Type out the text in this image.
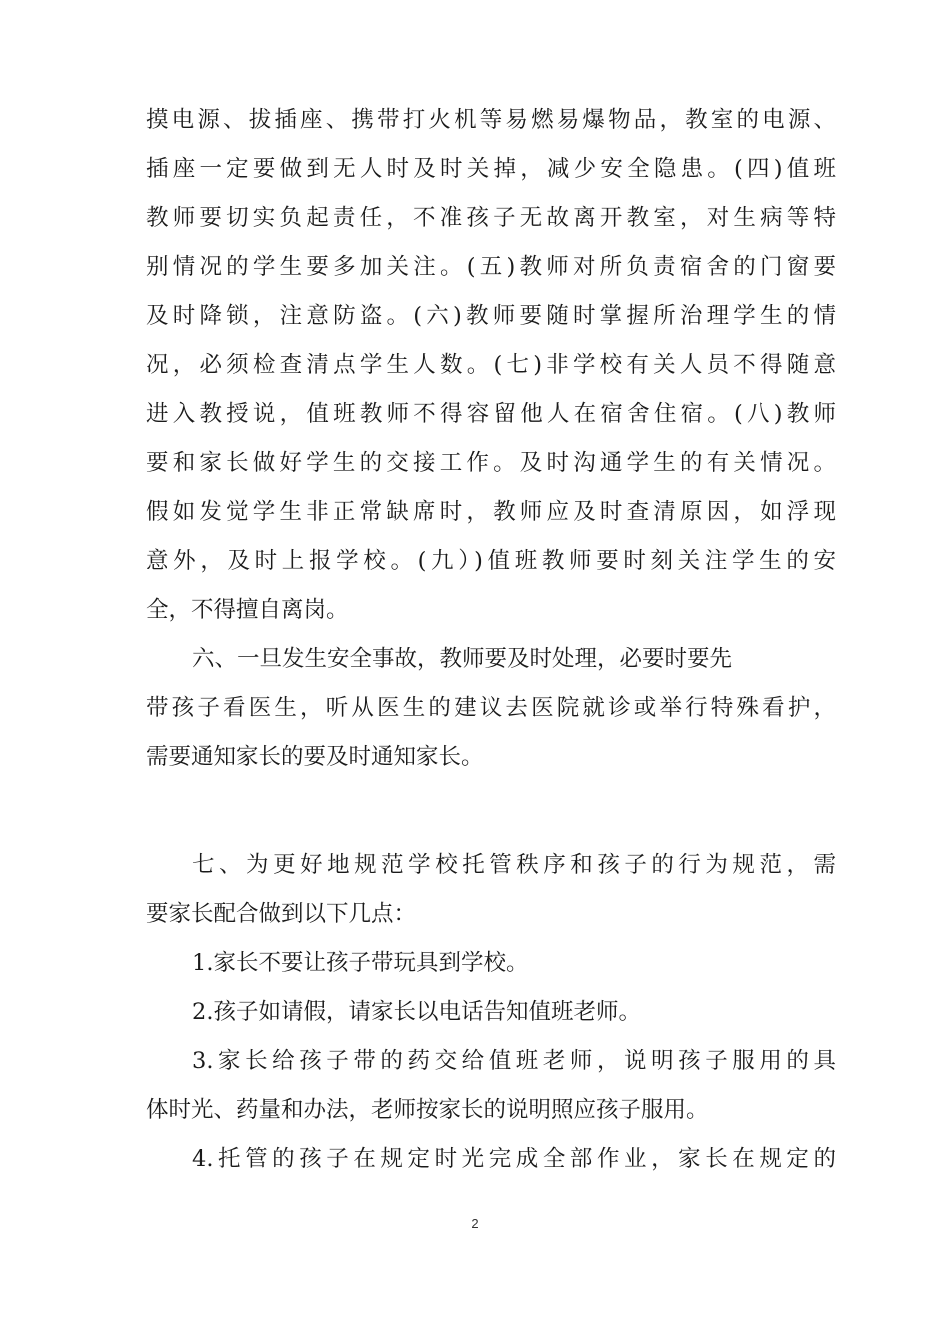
摸电源、拔插座、携带打火机等易燃易爆物品，教室的电源、
插座一定要做到无人时及时关掉，减少安全隐患。(四)值班
教师要切实负起责任，不准孩子无故离开教室，对生病等特
别情况的学生要多加关注。(五)教师对所负责宿舍的门窗要
及时降锁，注意防盗。(六)教师要随时掌握所治理学生的情
况，必须检查清点学生人数。(七)非学校有关人员不得随意
进入教授说，值班教师不得容留他人在宿舍住宿。(八)教师
要和家长做好学生的交接工作。及时沟通学生的有关情况。
假如发觉学生非正常缺席时，教师应及时查清原因，如浮现
意外，及时上报学校。(九）)值班教师要时刻关注学生的安
全，不得擅自离岗。
六、一旦发生安全事故，教师要及时处理，必要时要先
带孩子看医生，听从医生的建议去医院就诊或举行特殊看护，
需要通知家长的要及时通知家长。
七、为更好地规范学校托管秩序和孩子的行为规范，需
要家长配合做到以下几点：
1.家长不要让孩子带玩具到学校。
2.孩子如请假，请家长以电话告知值班老师。
3.家长给孩子带的药交给值班老师，说明孩子服用的具
体时光、药量和办法，老师按家长的说明照应孩子服用。
4.托管的孩子在规定时光完成全部作业，家长在规定的
2
